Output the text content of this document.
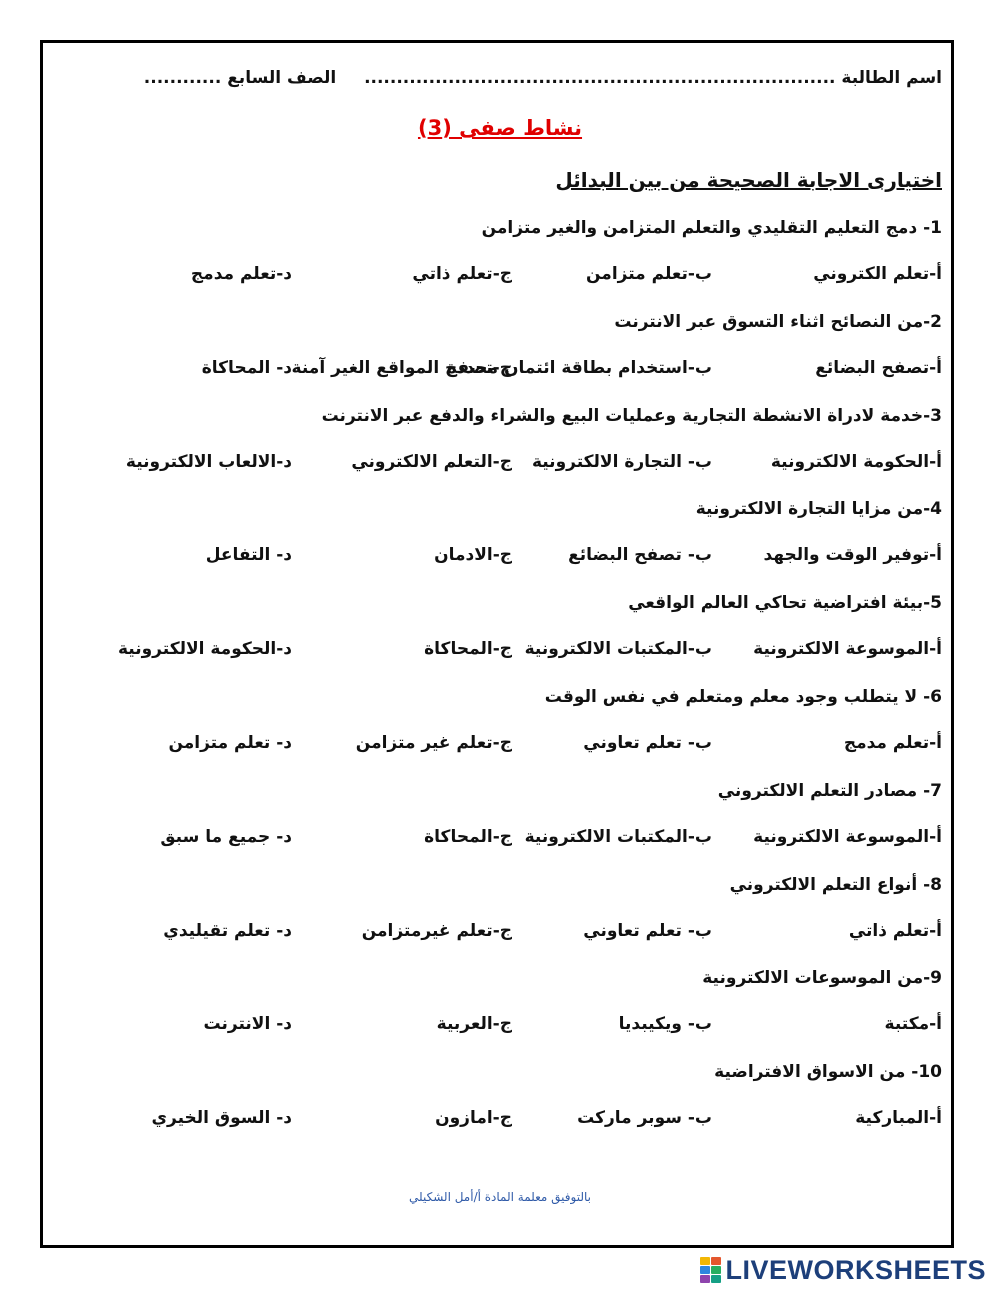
اسم الطالبة .........................................................................  الصف السابع ............
نشاط صفى (3)
اختيارى الاجابة الصحيحة من بين البدائل
1- دمج التعليم التقليدي والتعلم المتزامن والغير متزامن
أ-تعلم الكتروني
ب-تعلم متزامن
ج-تعلم ذاتي
د-تعلم مدمج
2-من النصائح اثناء التسوق عبر الانترنت
أ-تصفح البضائع
ب-استخدام بطاقة ائتمان محددة
ج-تصفح المواقع الغير آمنة
د- المحاكاة
3-خدمة لادراة الانشطة التجارية وعمليات البيع والشراء والدفع عبر الانترنت
أ-الحكومة الالكترونية
ب- التجارة الالكترونية
ج-التعلم الالكتروني
د-الالعاب الالكترونية
4-من مزايا التجارة الالكترونية
أ-توفير الوقت والجهد
ب- تصفح البضائع
ج-الادمان
د- التفاعل
5-بيئة افتراضية تحاكي العالم الواقعي
أ-الموسوعة الالكترونية
ب-المكتبات الالكترونية
ج-المحاكاة
د-الحكومة الالكترونية
6- لا يتطلب وجود معلم ومتعلم في نفس الوقت
أ-تعلم مدمج
ب- تعلم تعاوني
ج-تعلم غير متزامن
د- تعلم متزامن
7- مصادر التعلم الالكتروني
أ-الموسوعة الالكترونية
ب-المكتبات الالكترونية
ج-المحاكاة
د- جميع ما سبق
8- أنواع التعلم الالكتروني
أ-تعلم ذاتي
ب- تعلم تعاوني
ج-تعلم غيرمتزامن
د- تعلم تقيليدي
9-من الموسوعات الالكترونية
أ-مكتبة
ب- ويكيبديا
ج-العربية
د- الانترنت
10- من الاسواق الافتراضية
أ-المباركية
ب- سوبر ماركت
ج-امازون
د- السوق الخيري
بالتوفيق معلمة المادة أ/أمل الشكيلي
LIVEWORKSHEETS
